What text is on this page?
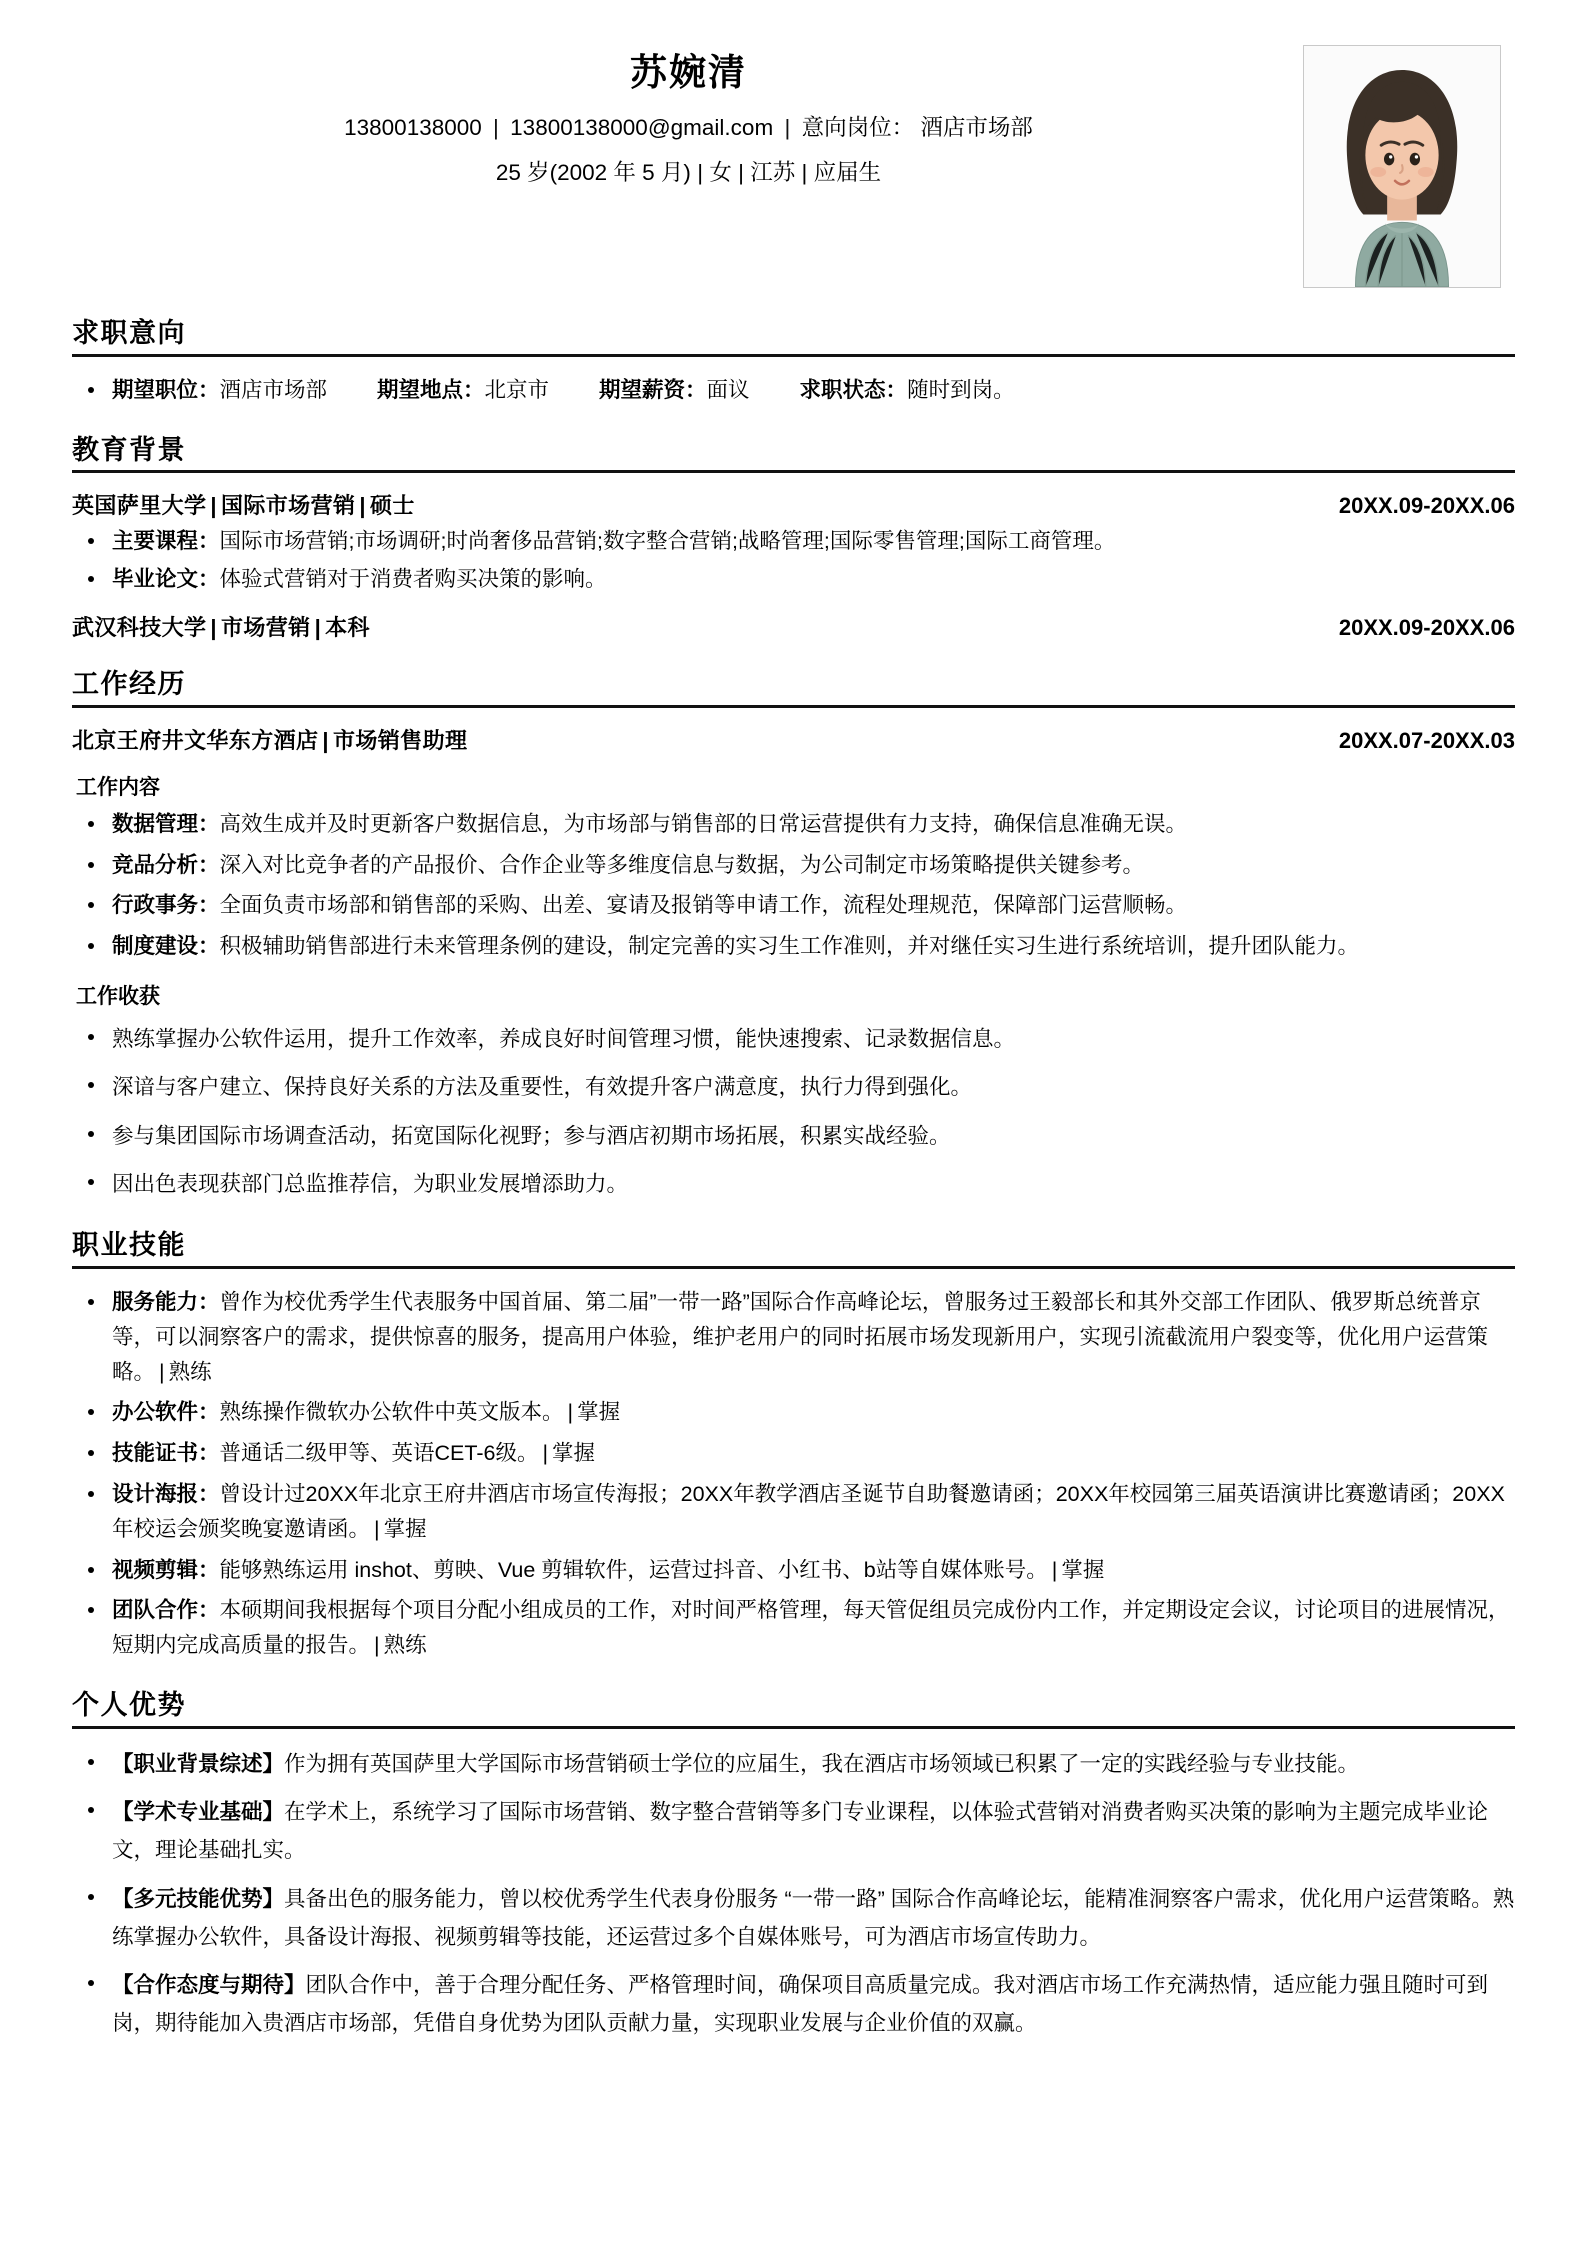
苏婉清
13800138000 | 13800138000@gmail.com | 意向岗位： 酒店市场部
25 岁(2002 年 5 月) | 女 | 江苏 | 应届生
求职意向
期望职位：酒店市场部 期望地点：北京市 期望薪资：面议 求职状态：随时到岗。
教育背景
英国萨里大学 | 国际市场营销 | 硕士	20XX.09-20XX.06
主要课程：国际市场营销;市场调研;时尚奢侈品营销;数字整合营销;战略管理;国际零售管理;国际工商管理。
毕业论文：体验式营销对于消费者购买决策的影响。
武汉科技大学 | 市场营销 | 本科	20XX.09-20XX.06
工作经历
北京王府井文华东方酒店 | 市场销售助理	20XX.07-20XX.03
工作内容
数据管理：高效生成并及时更新客户数据信息，为市场部与销售部的日常运营提供有力支持，确保信息准确无误。
竞品分析：深入对比竞争者的产品报价、合作企业等多维度信息与数据，为公司制定市场策略提供关键参考。
行政事务：全面负责市场部和销售部的采购、出差、宴请及报销等申请工作，流程处理规范，保障部门运营顺畅。
制度建设：积极辅助销售部进行未来管理条例的建设，制定完善的实习生工作准则，并对继任实习生进行系统培训，提升团队能力。
工作收获
熟练掌握办公软件运用，提升工作效率，养成良好时间管理习惯，能快速搜索、记录数据信息。
深谙与客户建立、保持良好关系的方法及重要性，有效提升客户满意度，执行力得到强化。
参与集团国际市场调查活动，拓宽国际化视野；参与酒店初期市场拓展，积累实战经验。
因出色表现获部门总监推荐信，为职业发展增添助力。
职业技能
服务能力：曾作为校优秀学生代表服务中国首届、第二届”一带一路”国际合作高峰论坛，曾服务过王毅部长和其外交部工作团队、俄罗斯总统普京等，可以洞察客户的需求，提供惊喜的服务，提高用户体验，维护老用户的同时拓展市场发现新用户，实现引流截流用户裂变等，优化用户运营策略。 | 熟练
办公软件：熟练操作微软办公软件中英文版本。 | 掌握
技能证书：普通话二级甲等、英语CET-6级。 | 掌握
设计海报：曾设计过20XX年北京王府井酒店市场宣传海报；20XX年教学酒店圣诞节自助餐邀请函；20XX年校园第三届英语演讲比赛邀请函；20XX年校运会颁奖晚宴邀请函。 | 掌握
视频剪辑：能够熟练运用 inshot、剪映、Vue 剪辑软件，运营过抖音、小红书、b站等自媒体账号。 | 掌握
团队合作：本硕期间我根据每个项目分配小组成员的工作，对时间严格管理，每天管促组员完成份内工作，并定期设定会议，讨论项目的进展情况，短期内完成高质量的报告。 | 熟练
个人优势
【职业背景综述】作为拥有英国萨里大学国际市场营销硕士学位的应届生，我在酒店市场领域已积累了一定的实践经验与专业技能。
【学术专业基础】在学术上，系统学习了国际市场营销、数字整合营销等多门专业课程，以体验式营销对消费者购买决策的影响为主题完成毕业论文，理论基础扎实。
【多元技能优势】具备出色的服务能力，曾以校优秀学生代表身份服务 “一带一路” 国际合作高峰论坛，能精准洞察客户需求，优化用户运营策略。熟练掌握办公软件，具备设计海报、视频剪辑等技能，还运营过多个自媒体账号，可为酒店市场宣传助力。
【合作态度与期待】团队合作中，善于合理分配任务、严格管理时间，确保项目高质量完成。我对酒店市场工作充满热情，适应能力强且随时可到岗，期待能加入贵酒店市场部，凭借自身优势为团队贡献力量，实现职业发展与企业价值的双赢。
